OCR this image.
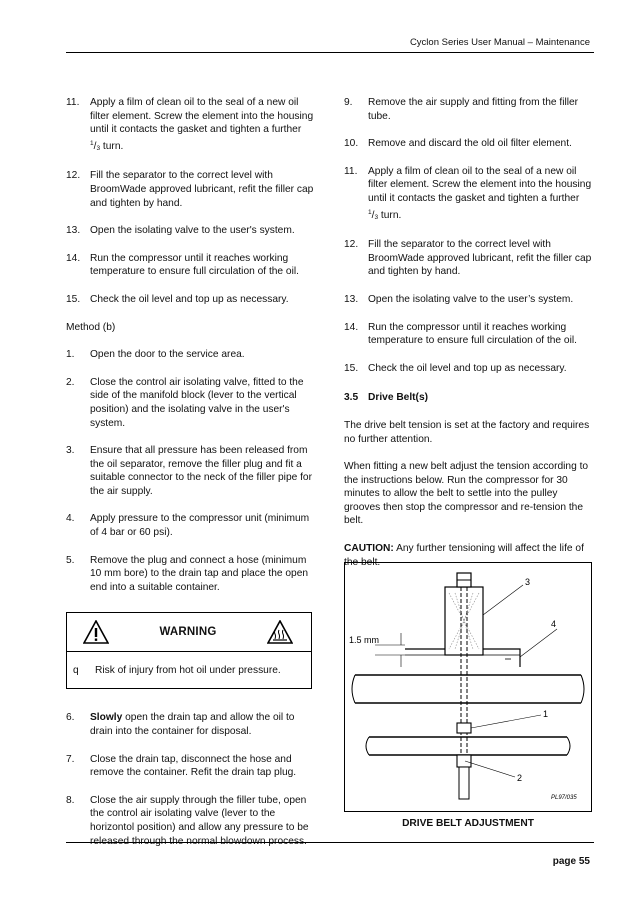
Cyclon Series User Manual – Maintenance
11.	Apply a film of clean oil to the seal of a new oil filter element. Screw the element into the housing until it contacts the gasket and tighten a further $^1$/3 turn.
12. Fill the separator to the correct level with BroomWade approved lubricant, refit the filler cap and tighten by hand.
13. Open the isolating valve to the user's system.
14. Run the compressor until it reaches working temperature to ensure full circulation of the oil.
15. Check the oil level and top up as necessary.
Method (b)
1.	Open the door to the service area.
2.	Close the control air isolating valve, fitted to the side of the manifold block (lever to the vertical position) and the isolating valve in the user's system.
3.	Ensure that all pressure has been released from the oil separator, remove the filler plug and fit a suitable connector to the neck of the filler pipe for the air supply.
4.	Apply pressure to the compressor unit (minimum of 4 bar or 60 psi).
5.	Remove the plug and connect a hose (minimum 10 mm bore) to the drain tap and place the open end into a suitable container.
WARNING
q	Risk of injury from hot oil under pressure.
6.	Slowly open the drain tap and allow the oil to drain into the container for disposal.
7.	Close the drain tap, disconnect the hose and remove the container. Refit the drain tap plug.
8.	Close the air supply through the filler tube, open the control air isolating valve (lever to the horizontol position) and allow any pressure to be released through the normal blowdown process.
9.	Remove the air supply and fitting from the filler tube.
10. Remove and discard the old oil filter element.
11.	Apply a film of clean oil to the seal of a new oil filter element. Screw the element into the housing until it contacts the gasket and tighten a further $^1$/3 turn.
12. Fill the separator to the correct level with BroomWade approved lubricant, refit the filler cap and tighten by hand.
13. Open the isolating valve to the user’s system.
14. Run the compressor until it reaches working temperature to ensure full circulation of the oil.
15. Check the oil level and top up as necessary.
3.5 Drive Belt(s)
The drive belt tension is set at the factory and requires no further attention.
When fitting a new belt adjust the tension according to the instructions below. Run the compressor for 30 minutes to allow the belt to settle into the pulley grooves then stop the compressor and re-tension the belt.
CAUTION: Any further tensioning will affect the life of the belt.
1.5 mm
3
4
1
2
PL97/035
DRIVE BELT ADJUSTMENT
page 55
